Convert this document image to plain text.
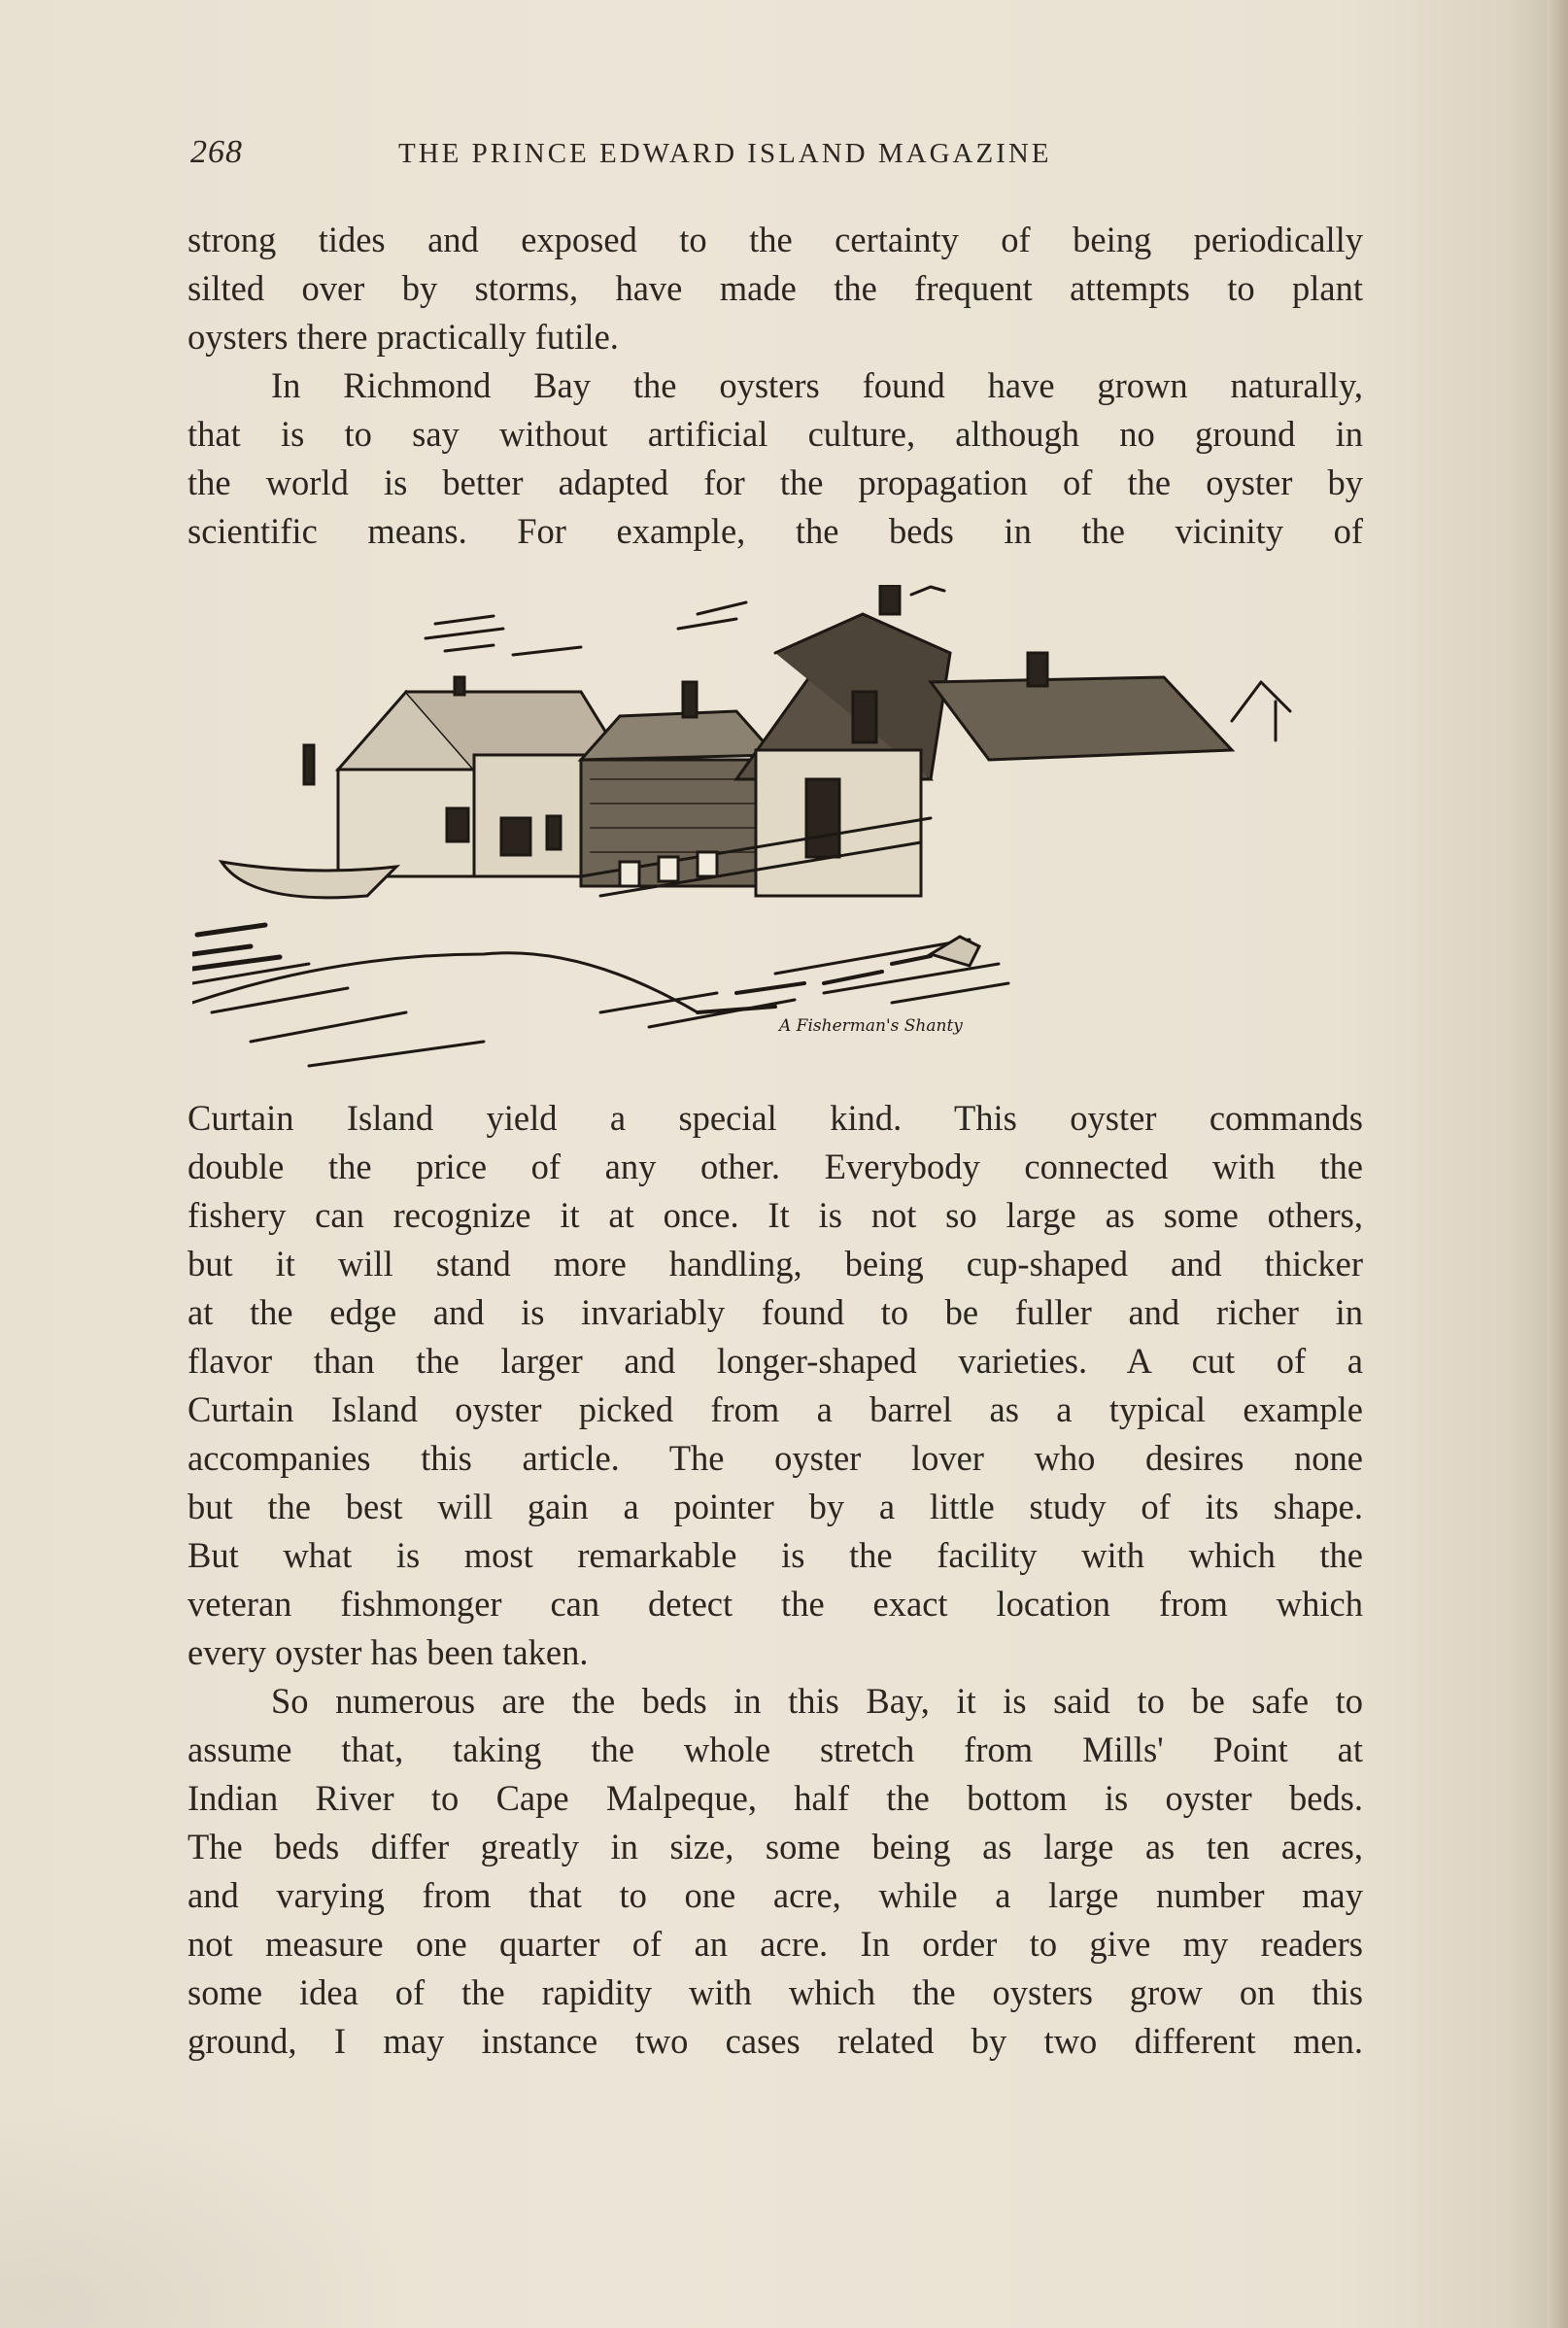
268	THE PRINCE EDWARD ISLAND MAGAZINE

strong tides and exposed to the certainty of being periodically

silted over by storms, have made the frequent attempts to plant

oysters there practically futile.

In Richmond Bay the oysters found have grown naturally,

that is to say without artificial culture, although no ground in

the world is better adapted for the propagation of the oyster by

scientific means. For example, the beds in the vicinity of

A Fisherman's Shanty

Curtain Island yield a special kind. This oyster commands

double the price of any other. Everybody connected with the

fishery can recognize it at once. It is not so large as some others,

but it will stand more handling, being cup-shaped and thicker

at the edge and is invariably found to be fuller and richer in

flavor than the larger and longer-shaped varieties. A cut of a

Curtain Island oyster picked from a barrel as a typical example

accompanies this article. The oyster lover who desires none

but the best will gain a pointer by a little study of its shape.

But what is most remarkable is the facility with which the

veteran fishmonger can detect the exact location from which

every oyster has been taken.

So numerous are the beds in this Bay, it is said to be safe to

assume that, taking the whole stretch from Mills' Point at

Indian River to Cape Malpeque, half the bottom is oyster beds.

The beds differ greatly in size, some being as large as ten acres,

and varying from that to one acre, while a large number may

not measure one quarter of an acre. In order to give my readers

some idea of the rapidity with which the oysters grow on this

ground, I may instance two cases related by two different men.
